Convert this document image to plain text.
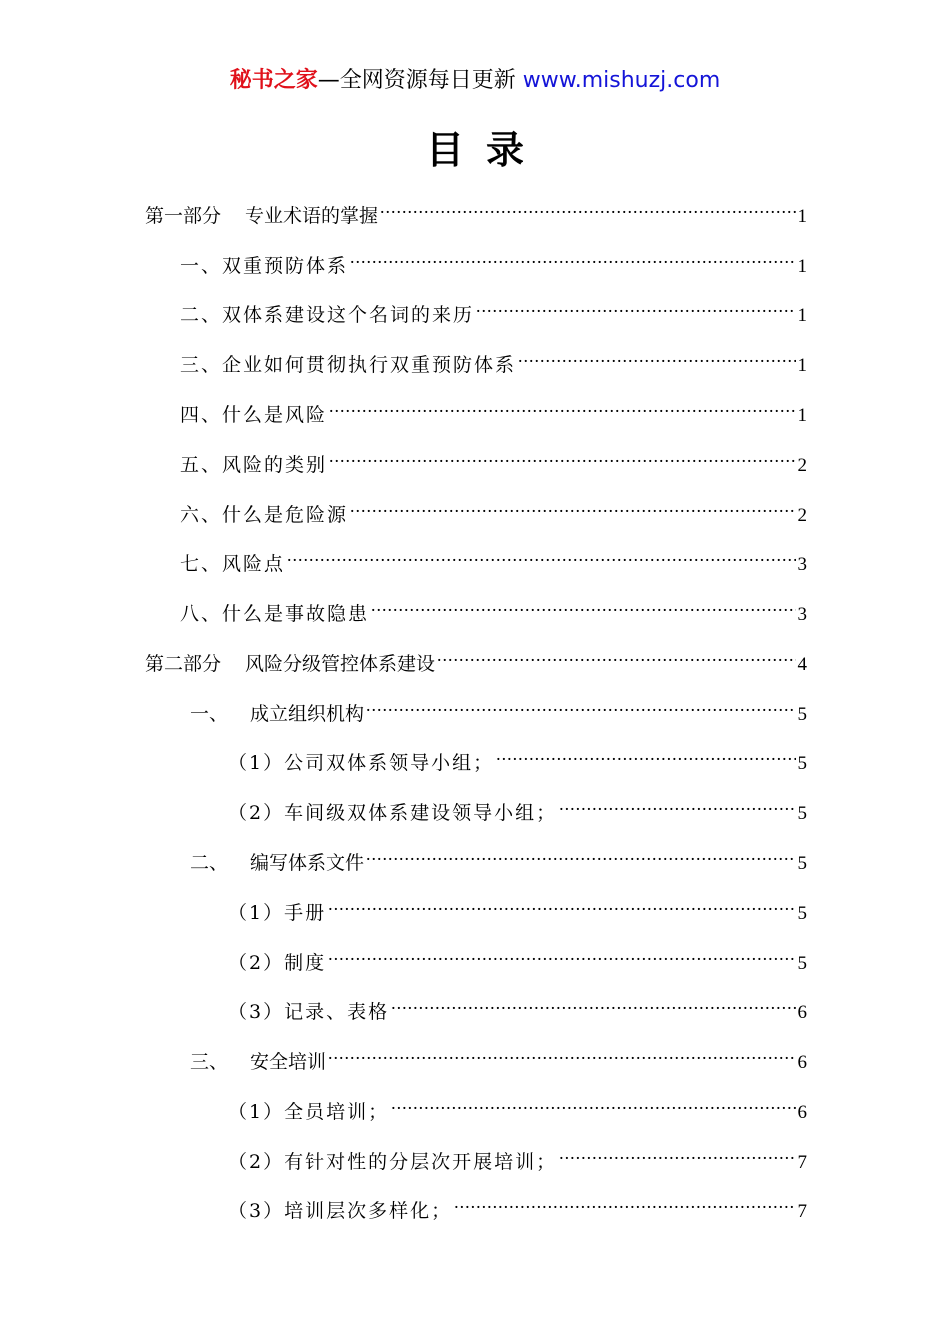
秘书之家—全网资源每日更新 www.mishuzj.com
目录
第一部分 专业术语的掌握 .....	1
一、双重预防体系 .....	1
二、双体系建设这个名词的来历 .....	1
三、企业如何贯彻执行双重预防体系 .....	1
四、什么是风险 .....	1
五、风险的类别 .....	2
六、什么是危险源 .....	2
七、风险点 .....	3
八、什么是事故隐患 .....	3
第二部分 风险分级管控体系建设 .....	4
一、 成立组织机构 .....	5
（1）公司双体系领导小组； .....	5
（2）车间级双体系建设领导小组； .....	5
二、 编写体系文件 .....	5
（1）手册 .....	5
（2）制度 .....	5
（3）记录、表格 .....	6
三、 安全培训 .....	6
（1）全员培训； .....	6
（2）有针对性的分层次开展培训； .....	7
（3）培训层次多样化； .....	7
